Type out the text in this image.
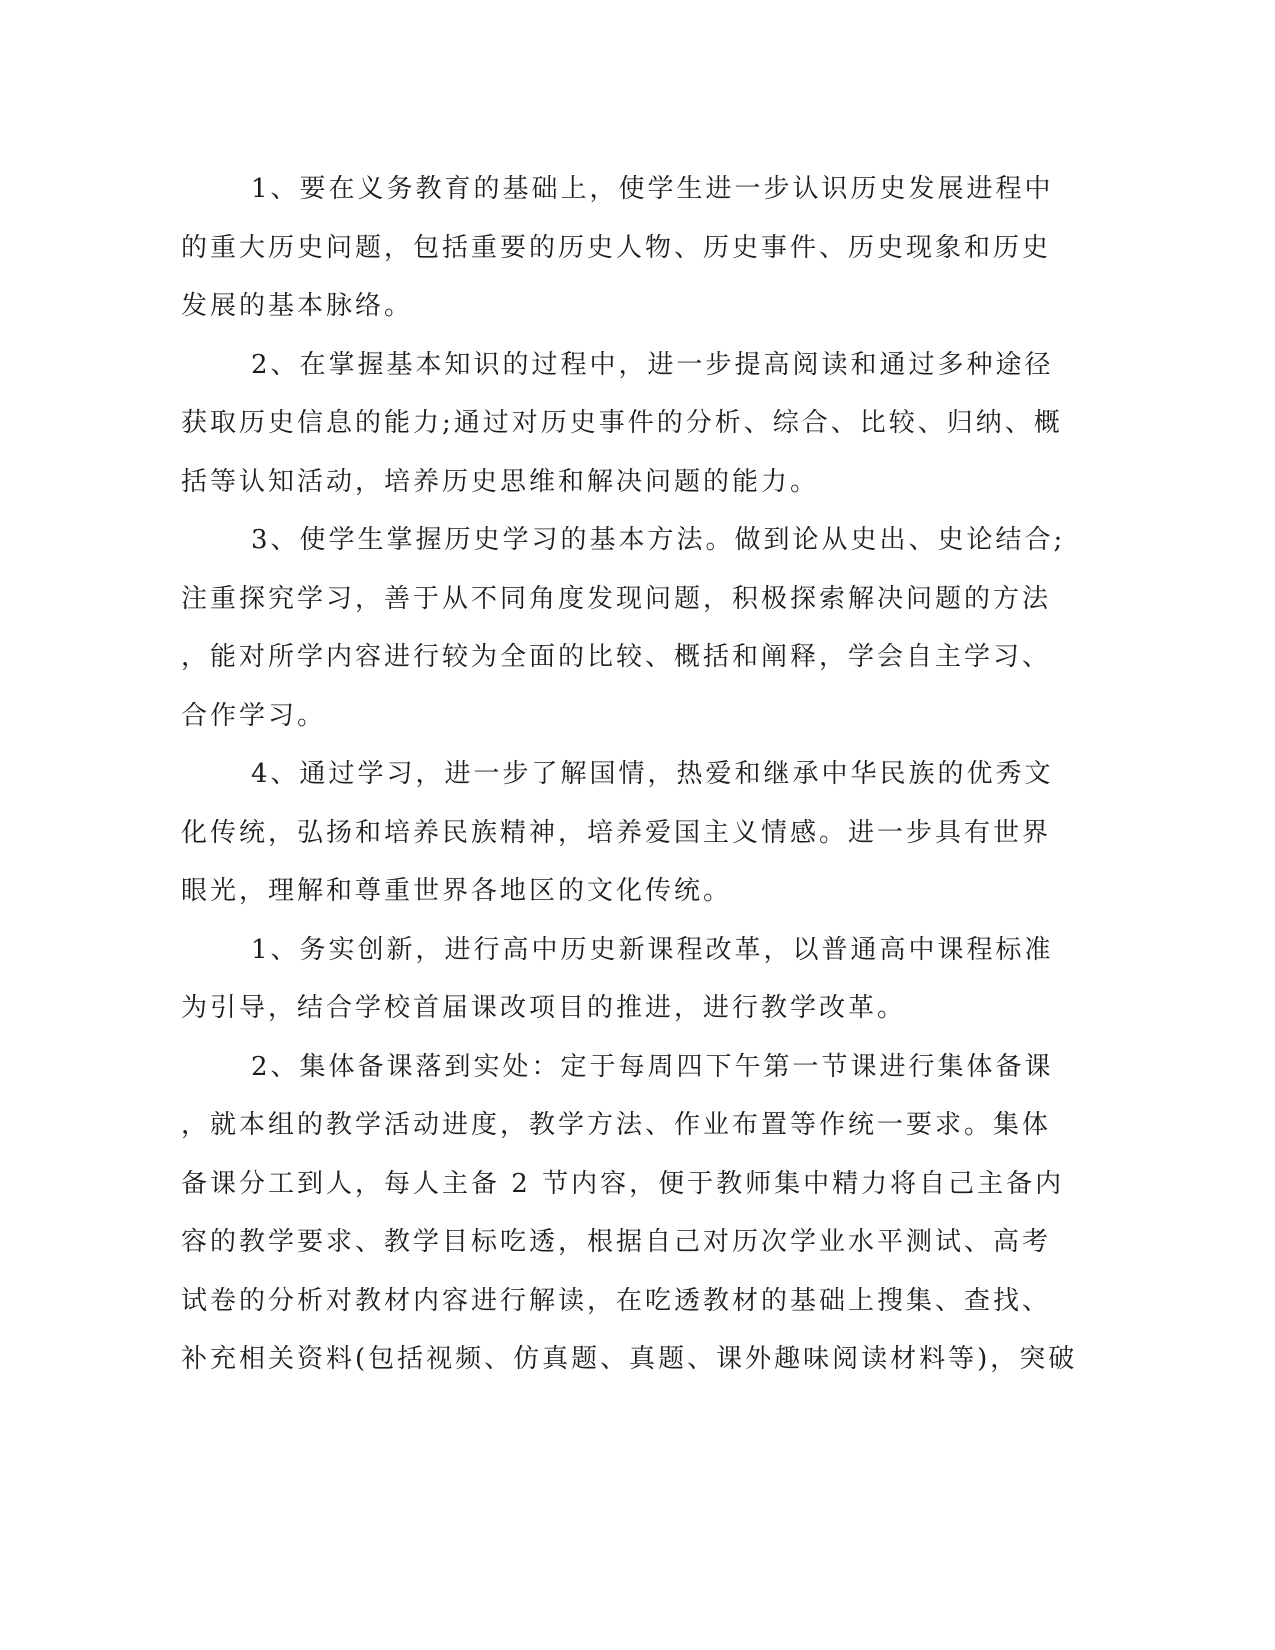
1、要在义务教育的基础上，使学生进一步认识历史发展进程中
的重大历史问题，包括重要的历史人物、历史事件、历史现象和历史
发展的基本脉络。
2、在掌握基本知识的过程中，进一步提高阅读和通过多种途径
获取历史信息的能力;通过对历史事件的分析、综合、比较、归纳、概
括等认知活动，培养历史思维和解决问题的能力。
3、使学生掌握历史学习的基本方法。做到论从史出、史论结合;
注重探究学习，善于从不同角度发现问题，积极探索解决问题的方法
，能对所学内容进行较为全面的比较、概括和阐释，学会自主学习、
合作学习。
4、通过学习，进一步了解国情，热爱和继承中华民族的优秀文
化传统，弘扬和培养民族精神，培养爱国主义情感。进一步具有世界
眼光，理解和尊重世界各地区的文化传统。
1、务实创新，进行高中历史新课程改革，以普通高中课程标准
为引导，结合学校首届课改项目的推进，进行教学改革。
2、集体备课落到实处：定于每周四下午第一节课进行集体备课
，就本组的教学活动进度，教学方法、作业布置等作统一要求。集体
备课分工到人，每人主备 2 节内容，便于教师集中精力将自己主备内
容的教学要求、教学目标吃透，根据自己对历次学业水平测试、高考
试卷的分析对教材内容进行解读，在吃透教材的基础上搜集、查找、
补充相关资料(包括视频、仿真题、真题、课外趣味阅读材料等)，突破
